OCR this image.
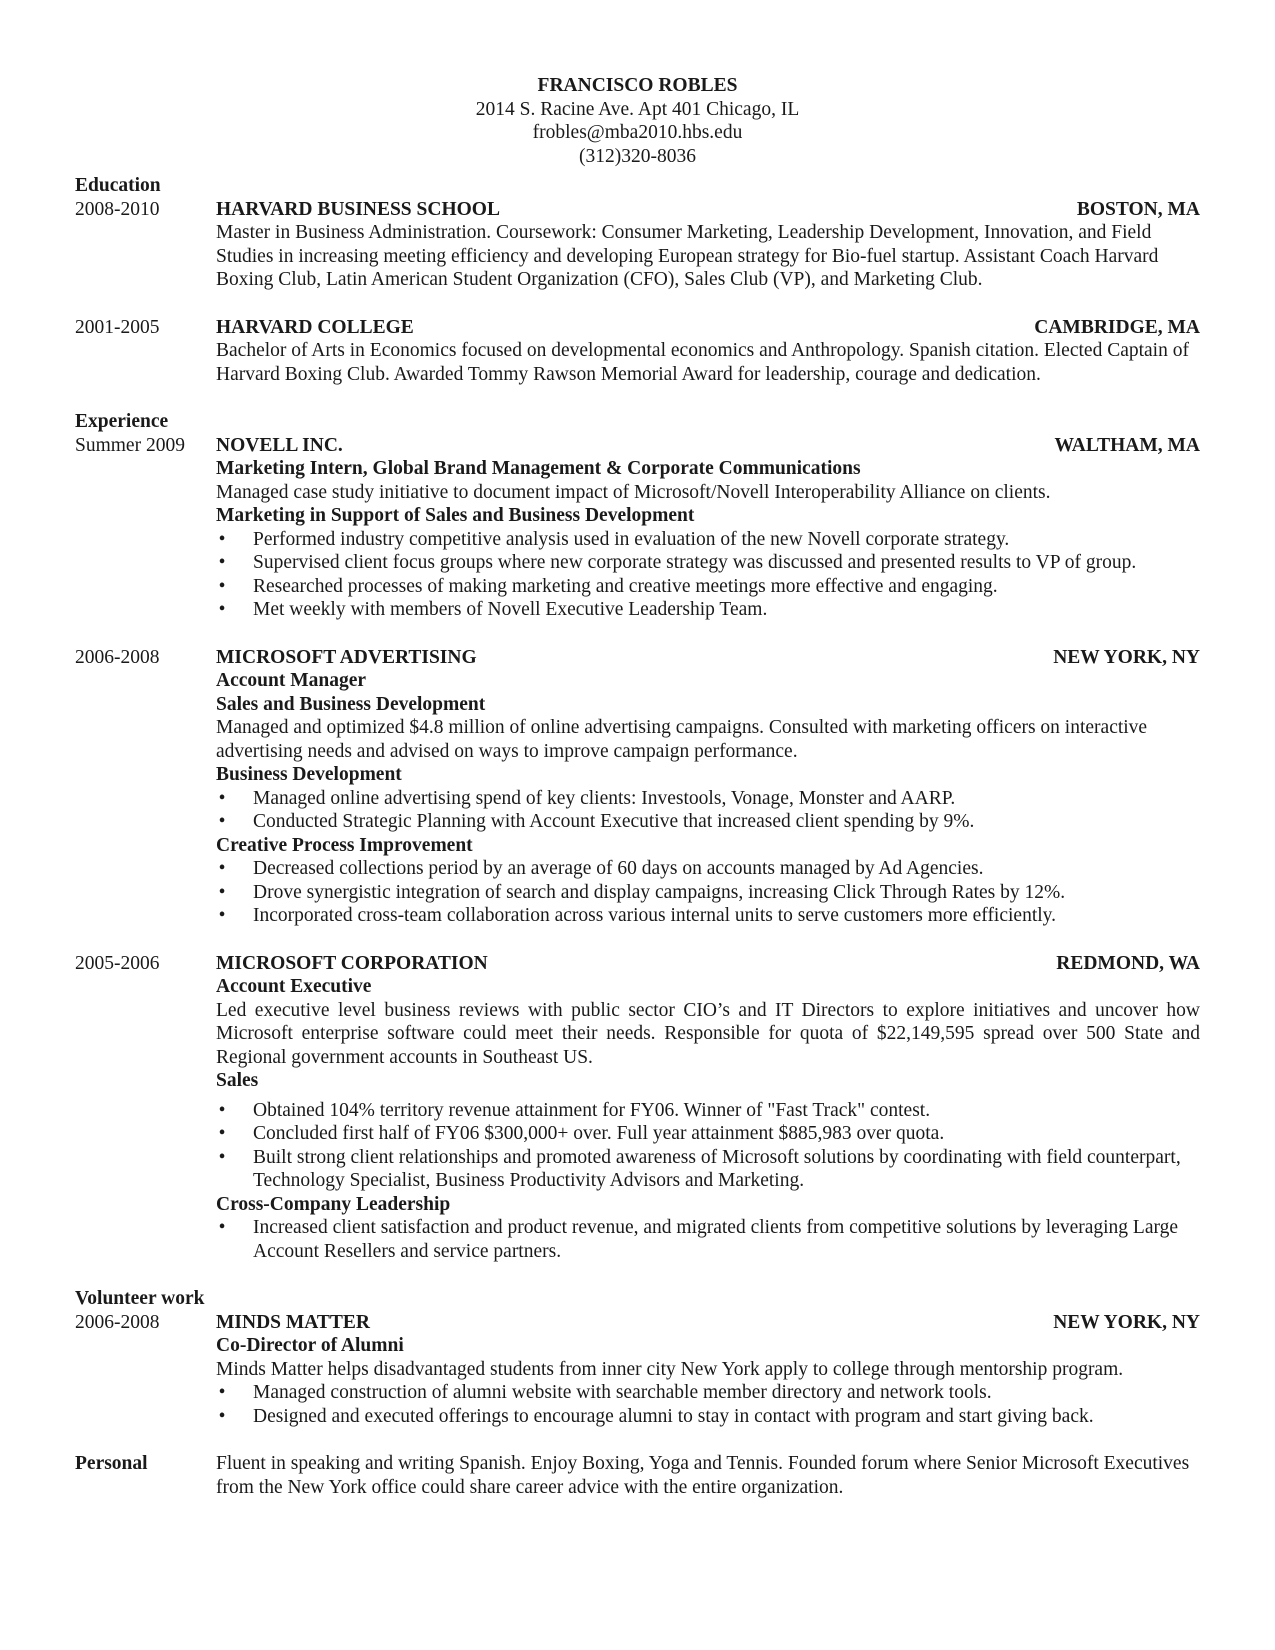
FRANCISCO ROBLES
2014 S. Racine Ave. Apt 401 Chicago, IL
frobles@mba2010.hbs.edu
(312)320-8036
Education
2008-2010	HARVARD BUSINESS SCHOOL	BOSTON, MA
Master in Business Administration. Coursework: Consumer Marketing, Leadership Development, Innovation, and Field Studies in increasing meeting efficiency and developing European strategy for Bio-fuel startup. Assistant Coach Harvard Boxing Club, Latin American Student Organization (CFO), Sales Club (VP), and Marketing Club.
2001-2005	HARVARD COLLEGE	CAMBRIDGE, MA
Bachelor of Arts in Economics focused on developmental economics and Anthropology. Spanish citation. Elected Captain of Harvard Boxing Club. Awarded Tommy Rawson Memorial Award for leadership, courage and dedication.
Experience
Summer 2009	NOVELL INC.	WALTHAM, MA
Marketing Intern, Global Brand Management & Corporate Communications
Managed case study initiative to document impact of Microsoft/Novell Interoperability Alliance on clients.
Marketing in Support of Sales and Business Development
• Performed industry competitive analysis used in evaluation of the new Novell corporate strategy.
• Supervised client focus groups where new corporate strategy was discussed and presented results to VP of group.
• Researched processes of making marketing and creative meetings more effective and engaging.
• Met weekly with members of Novell Executive Leadership Team.
2006-2008	MICROSOFT ADVERTISING	NEW YORK, NY
Account Manager
Sales and Business Development
Managed and optimized $4.8 million of online advertising campaigns. Consulted with marketing officers on interactive advertising needs and advised on ways to improve campaign performance.
Business Development
• Managed online advertising spend of key clients: Investools, Vonage, Monster and AARP.
• Conducted Strategic Planning with Account Executive that increased client spending by 9%.
Creative Process Improvement
• Decreased collections period by an average of 60 days on accounts managed by Ad Agencies.
• Drove synergistic integration of search and display campaigns, increasing Click Through Rates by 12%.
• Incorporated cross-team collaboration across various internal units to serve customers more efficiently.
2005-2006	MICROSOFT CORPORATION	REDMOND, WA
Account Executive
Led executive level business reviews with public sector CIO’s and IT Directors to explore initiatives and uncover how Microsoft enterprise software could meet their needs. Responsible for quota of $22,149,595 spread over 500 State and Regional government accounts in Southeast US.
Sales
• Obtained 104% territory revenue attainment for FY06. Winner of "Fast Track" contest.
• Concluded first half of FY06 $300,000+ over. Full year attainment $885,983 over quota.
• Built strong client relationships and promoted awareness of Microsoft solutions by coordinating with field counterpart, Technology Specialist, Business Productivity Advisors and Marketing.
Cross-Company Leadership
• Increased client satisfaction and product revenue, and migrated clients from competitive solutions by leveraging Large Account Resellers and service partners.
Volunteer work
2006-2008	MINDS MATTER	NEW YORK, NY
Co-Director of Alumni
Minds Matter helps disadvantaged students from inner city New York apply to college through mentorship program.
• Managed construction of alumni website with searchable member directory and network tools.
• Designed and executed offerings to encourage alumni to stay in contact with program and start giving back.
Personal	Fluent in speaking and writing Spanish. Enjoy Boxing, Yoga and Tennis. Founded forum where Senior Microsoft Executives from the New York office could share career advice with the entire organization.
